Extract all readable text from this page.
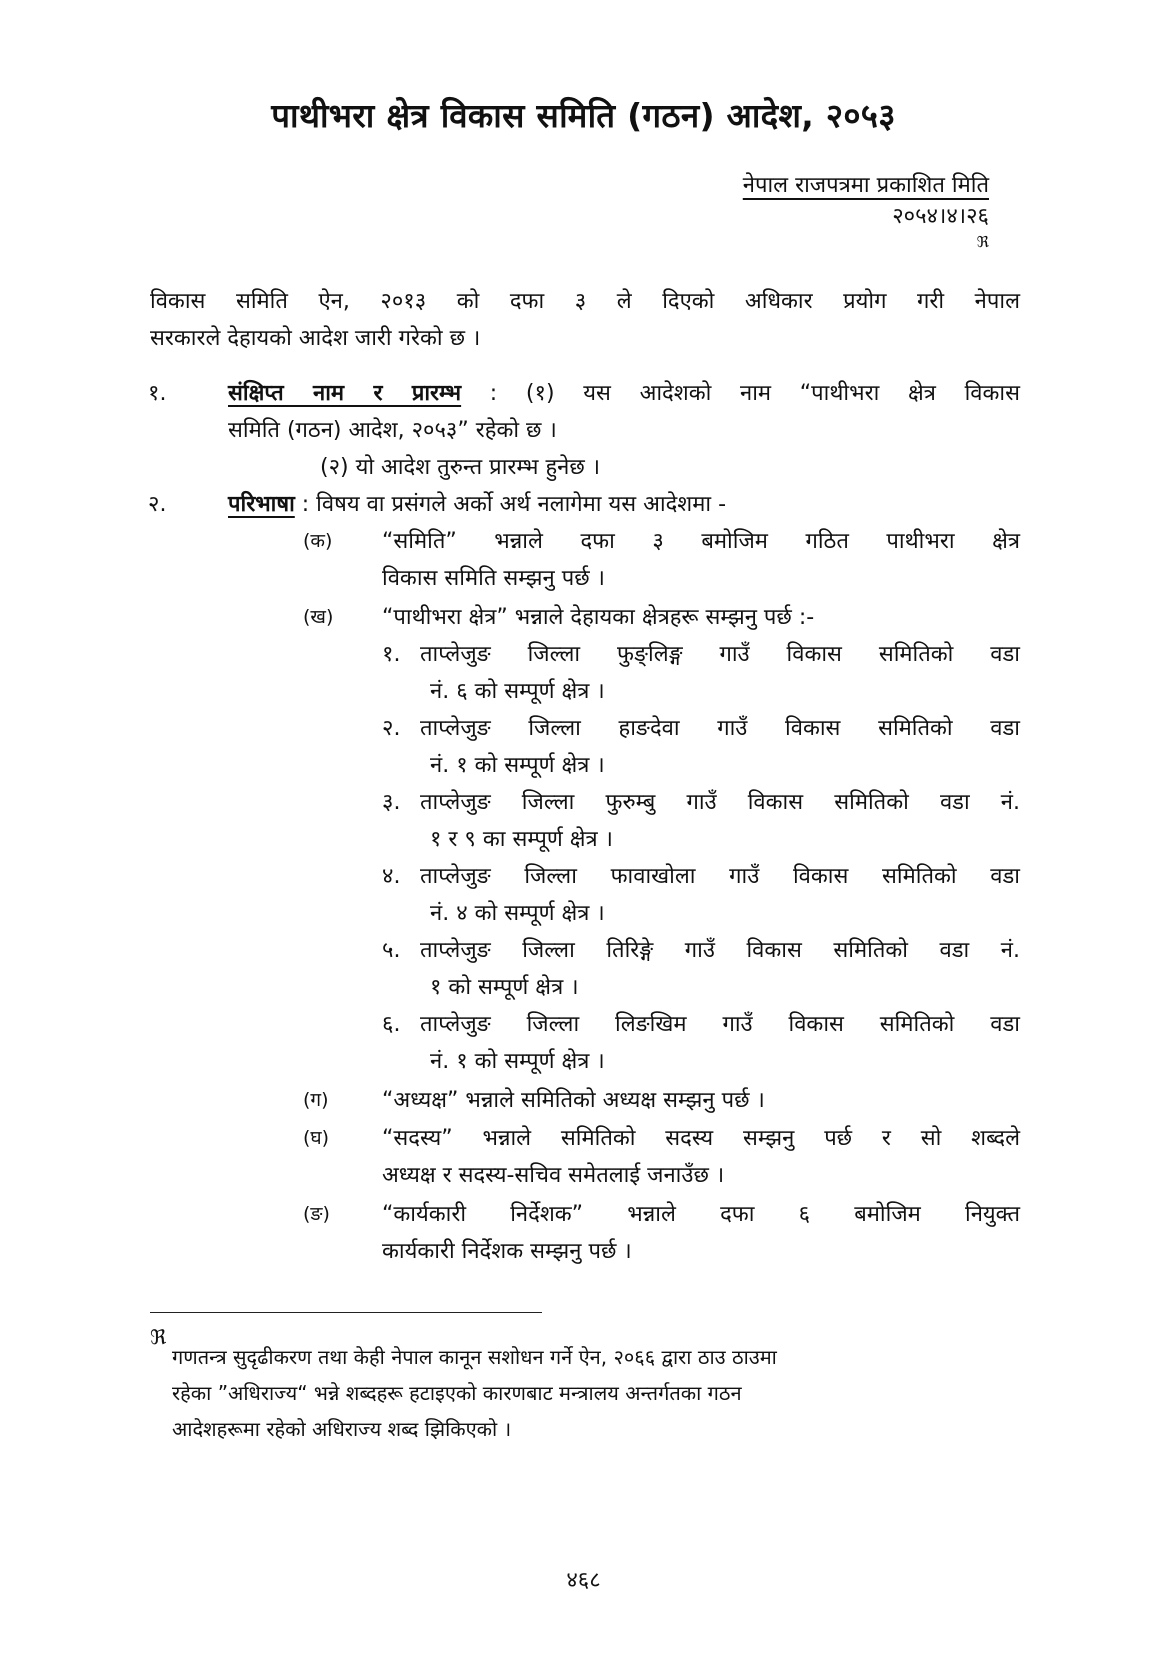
पाथीभरा क्षेत्र विकास समिति (गठन) आदेश, २०५३
नेपाल राजपत्रमा प्रकाशित मिति
२०५४।४।२६
ℜ
विकास समिति ऐन, २०१३ को दफा ३ ले दिएको अधिकार प्रयोग गरी नेपाल
सरकारले देहायको आदेश जारी गरेको छ ।
१.	संक्षिप्त नाम र प्रारम्भ : (१) यस आदेशको नाम “पाथीभरा क्षेत्र विकास
समिति (गठन) आदेश, २०५३” रहेको छ ।
(२) यो आदेश तुरुन्त प्रारम्भ हुनेछ ।
२.	परिभाषा : विषय वा प्रसंगले अर्को अर्थ नलागेमा यस आदेशमा -
(क) “समिति” भन्नाले दफा ३ बमोजिम गठित पाथीभरा क्षेत्र
विकास समिति सम्झनु पर्छ ।
(ख) “पाथीभरा क्षेत्र” भन्नाले देहायका क्षेत्रहरू सम्झनु पर्छ :-
१. ताप्लेजुङ जिल्ला फुङ्लिङ्ग गाउँ विकास समितिको वडा
नं. ६ को सम्पूर्ण क्षेत्र ।
२. ताप्लेजुङ जिल्ला हाङदेवा गाउँ विकास समितिको वडा
नं. १ को सम्पूर्ण क्षेत्र ।
३. ताप्लेजुङ जिल्ला फुरुम्बु गाउँ विकास समितिको वडा नं.
१ र ९ का सम्पूर्ण क्षेत्र ।
४. ताप्लेजुङ जिल्ला फावाखोला गाउँ विकास समितिको वडा
नं. ४ को सम्पूर्ण क्षेत्र ।
५. ताप्लेजुङ जिल्ला तिरिङ्गे गाउँ विकास समितिको वडा नं.
१ को सम्पूर्ण क्षेत्र ।
६. ताप्लेजुङ जिल्ला लिङखिम गाउँ विकास समितिको वडा
नं. १ को सम्पूर्ण क्षेत्र ।
(ग) “अध्यक्ष” भन्नाले समितिको अध्यक्ष सम्झनु पर्छ ।
(घ) “सदस्य” भन्नाले समितिको सदस्य सम्झनु पर्छ र सो शब्दले
अध्यक्ष र सदस्य-सचिव समेतलाई जनाउँछ ।
(ङ) “कार्यकारी निर्देशक” भन्नाले दफा ६ बमोजिम नियुक्त
कार्यकारी निर्देशक सम्झनु पर्छ ।
ℜ
गणतन्त्र सुदृढीकरण तथा केही नेपाल कानून सशोधन गर्ने ऐन, २०६६ द्वारा ठाउ ठाउमा
रहेका ”अधिराज्य“ भन्ने शब्दहरू हटाइएको कारणबाट मन्त्रालय अन्तर्गतका गठन
आदेशहरूमा रहेको अधिराज्य शब्द झिकिएको ।
४६८
